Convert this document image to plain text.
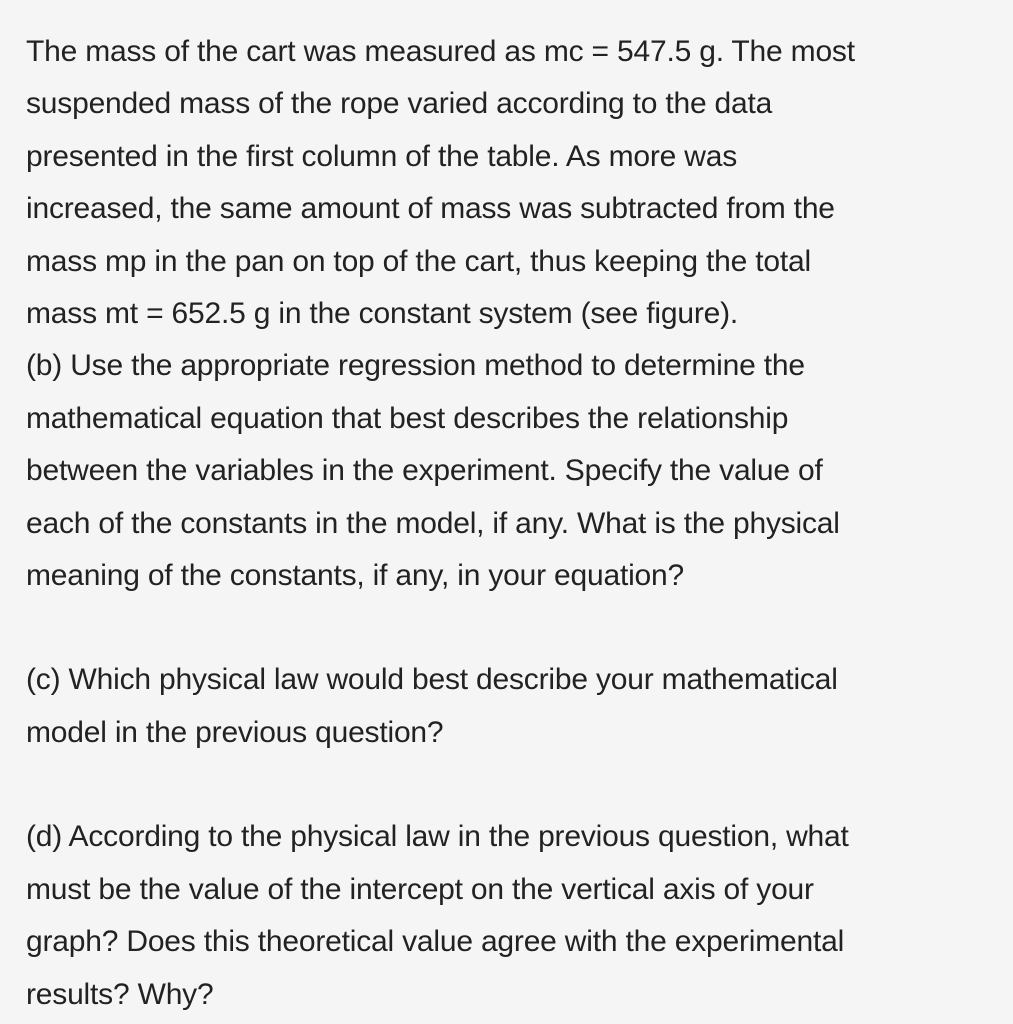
The mass of the cart was measured as mc = 547.5 g. The most
suspended mass of the rope varied according to the data
presented in the first column of the table. As more was
increased, the same amount of mass was subtracted from the
mass mp in the pan on top of the cart, thus keeping the total
mass mt = 652.5 g in the constant system (see figure).
(b) Use the appropriate regression method to determine the
mathematical equation that best describes the relationship
between the variables in the experiment. Specify the value of
each of the constants in the model, if any. What is the physical
meaning of the constants, if any, in your equation?

(c) Which physical law would best describe your mathematical
model in the previous question?

(d) According to the physical law in the previous question, what
must be the value of the intercept on the vertical axis of your
graph? Does this theoretical value agree with the experimental
results? Why?
